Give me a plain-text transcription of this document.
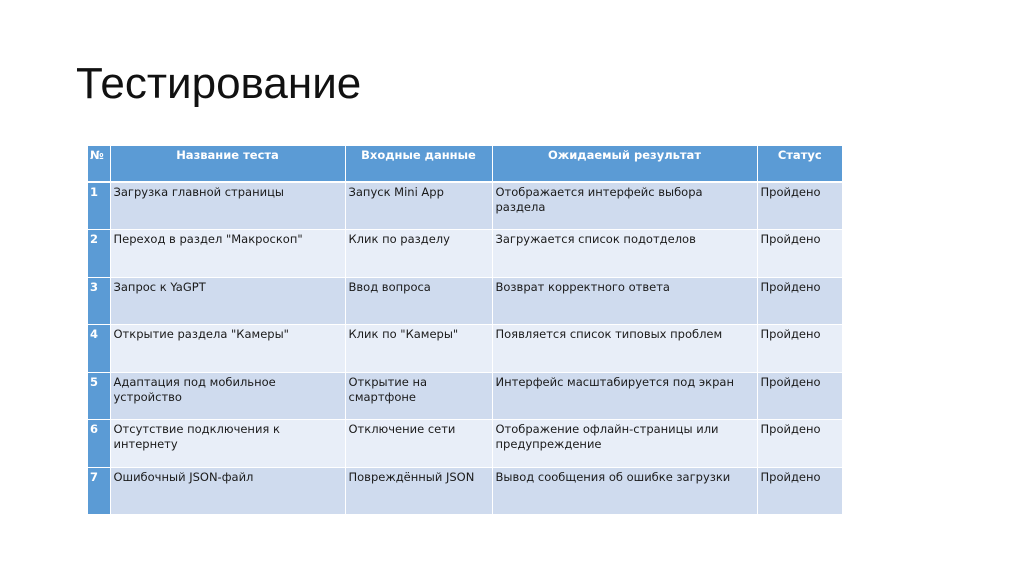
Тестирование
№	Название теста	Входные данные	Ожидаемый результат	Статус
1	Загрузка главной страницы	Запуск Mini App	Отображается интерфейс выбора раздела	Пройдено
2	Переход в раздел "Макроскоп"	Клик по разделу	Загружается список подотделов	Пройдено
3	Запрос к YaGPT	Ввод вопроса	Возврат корректного ответа	Пройдено
4	Открытие раздела "Камеры"	Клик по "Камеры"	Появляется список типовых проблем	Пройдено
5	Адаптация под мобильное устройство	Открытие на смартфоне	Интерфейс масштабируется под экран	Пройдено
6	Отсутствие подключения к интернету	Отключение сети	Отображение офлайн-страницы или предупреждение	Пройдено
7	Ошибочный JSON-файл	Повреждённый JSON	Вывод сообщения об ошибке загрузки	Пройдено
